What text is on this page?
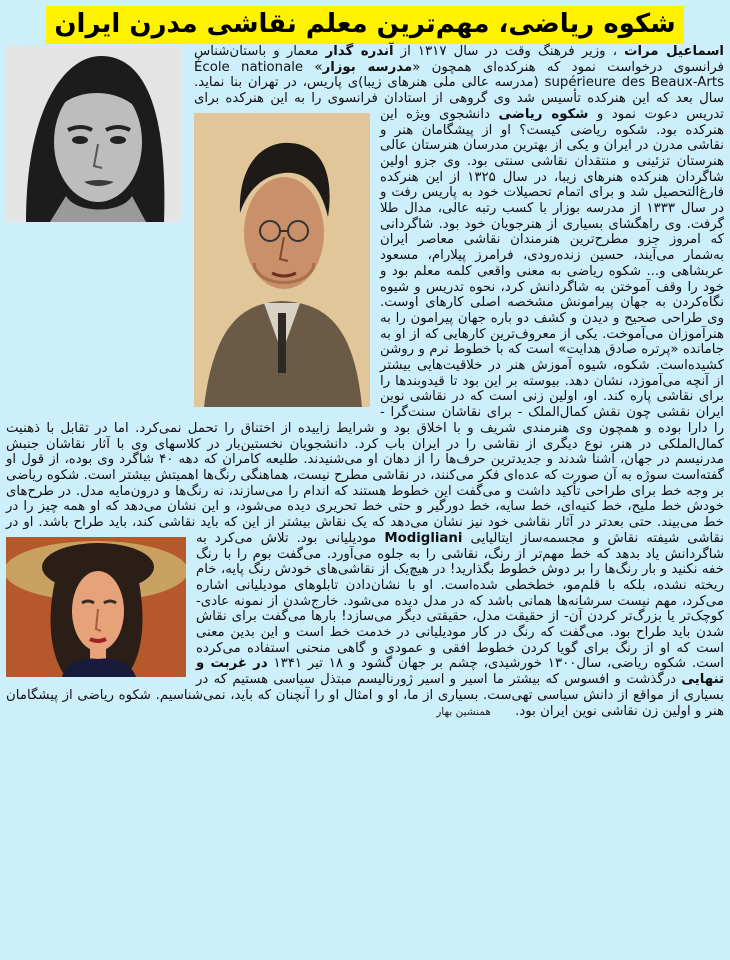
شکوه ریاضی، مهم‌ترین معلم نقاشی مدرن ایران

اسماعیل مرات ، وزیر فرهنگ وقت در سال ۱۳۱۷ از آندره گدار معمار و باستان‌شناس فرانسوی درخواست نمود که هنرکده‌ای همچون «مدرسه بوزار» École nationale supérieure des Beaux-Arts (مدرسه عالی ملی هنرهای زیبا)ی پاریس، در تهران بنا نماید. سال بعد که این هنرکده تأسیس شد وی گروهی از استادان فرانسوی را به این هنرکده برای تدریس دعوت نمود و شکوه ریاضی
دانشجوی ویژه این هنرکده بود. شکوه ریاضی کیست؟ او از پیشگامان هنر و نقاشی مدرن در ایران و یکی از بهترین مدرسان هنرستان عالی هنرستان تزئینی و منتقدان نقاشی سنتی بود. وی جزو اولین شاگردان هنرکده هنرهای زیبا، در سال ۱۳۲۵ از این هنرکده فارغ‌التحصیل شد و برای اتمام تحصیلات خود به پاریس رفت و در سال ۱۳۳۳ از مدرسه بوزار با کسب رتبه عالی، مدال طلا گرفت. وی راهگشای بسیاری از هنرجویان خود بود. شاگردانی که امروز جزو مطرح‌ترین هنرمندان نقاشی معاصر ایران به‌شمار می‌آیند، حسین زنده‌رودی، فرامرز پیلارام، مسعود عربشاهی و... شکوه ریاضی به معنی واقعی کلمه معلم بود و خود را وقف آموختن به شاگردانش کرد، نحوه تدریس و شیوه نگاه‌کردن به جهان پیرامونش مشخصه اصلی کارهای اوست. وی طراحی صحیح و دیدن و کشف دو باره جهان پیرامون را به هنرآموزان می‌آموخت. یکی از معروف‌ترین کارهایی که از او به جامانده «پرتره صادق هدایت» است که با خطوط نرم و روشن کشیده‌است. شکوه، شیوه آموزش هنر در خلاقیت‌هایی بیشتر از آنچه می‌آموزد، نشان دهد. بیوسته بر این بود تا قیدوبندها را برای نقاشی پاره کند. او، اولین زنی است که در نقاشی نوین ایران نقشی چون نقش کمال‌الملک - برای نقاشان سنت‌گرا - را دارا بوده و همچون وی هنرمندی شریف و با اخلاق بود و شرایط زاییده از اختناق را تحمل نمی‌کرد. اما در تقابل با ذهنیت کمال‌الملکی در هنر، نوع دیگری از نقاشی را در ایران باب کرد. دانشجویان نخستین‌بار در کلاسهای وی با آثار نقاشان جنبش مدرنیسم در جهان، آشنا شدند و جدیدترین حرف‌ها را از دهان او می‌شنیدند. طلیعه کامران که دهه ۴۰ شاگرد وی بوده، از قول او گفته‌است سوژه به آن صورت که عده‌ای فکر می‌کنند، در نقاشی مطرح نیست، هماهنگی رنگ‌ها اهمیتش بیشتر است. شکوه ریاضی بر وجه خط برای طراحی تأکید داشت و می‌گفت این خطوط هستند که اندام را می‌سازند، نه رنگ‌ها و درون‌مایه مدل. در طرح‌های خودش خط ملیح، خط کنیه‌ای، خط سایه، خط دورگیر و حتی خط تحریری دیده می‌شود، و این نشان می‌دهد که او همه چیز را در خط می‌بیند. حتی بعدتر در آثار نقاشی خود نیز نشان می‌دهد که یک نقاش بیشتر از این که باید نقاشی کند، باید طراح باشد. او در نقاشی شیفته نقاش و مجسمه‌ساز ایتالیایی Modigliani
مودیلیانی بود. تلاش می‌کرد به شاگردانش یاد بدهد که خط مهم‌تر از رنگ، نقاشی را به جلوه می‌آورد. می‌گفت بوم را با رنگ خفه نکنید و بار رنگ‌ها را بر دوش خطوط بگذارید! در هیچ‌یک از نقاشی‌های خودش رنگ پایه، خام ریخته نشده، بلکه با قلم‌مو، خطخطی شده‌است. او با نشان‌دادن تابلوهای مودیلیانی اشاره می‌کرد، مهم نیست سرشانه‌ها همانی باشد که در مدل دیده می‌شود. خارج‌شدن از نمونه عادی- کوچک‌تر یا بزرگ‌تر کردن آن- از حقیقت مدل، حقیقتی دیگر می‌سازد! بارها می‌گفت برای نقاش شدن باید طراح بود. می‌گفت که رنگ در کار مودیلیانی در خدمت خط است و این بدین معنی است که او از رنگ برای گویا کردن خطوط افقی و عمودی و گاهی منحنی استفاده می‌کرده است. شکوه ریاضی، سال۱۳۰۰ خورشیدی، چشم بر جهان گشود و ۱۸ تیر ۱۳۴۱ در غربت و تنهایی درگذشت و افسوس که بیشتر ما اسیر و اسیر ژورنالیسم مبتذل سیاسی هستیم که در بسیاری از مواقع از دانش سیاسی تهی‌ست. بسیاری از ما، او و امثال او را آنچنان که باید، نمی‌شناسیم. شکوه ریاضی از پیشگامان هنر و اولین زن نقاشی نوین ایران بود. همنشین بهار
